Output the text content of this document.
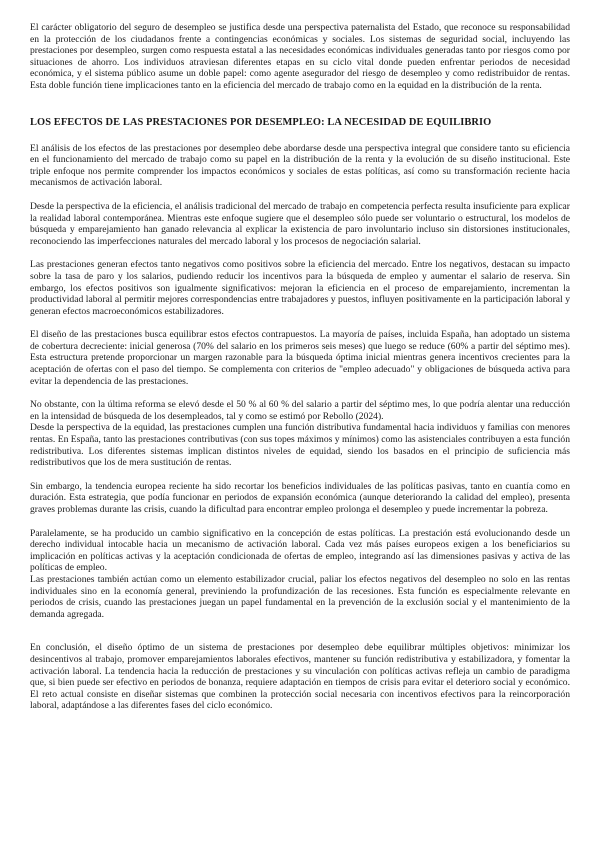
El carácter obligatorio del seguro de desempleo se justifica desde una perspectiva paternalista del Estado, que reconoce su responsabilidad en la protección de los ciudadanos frente a contingencias económicas y sociales. Los sistemas de seguridad social, incluyendo las prestaciones por desempleo, surgen como respuesta estatal a las necesidades económicas individuales generadas tanto por riesgos como por situaciones de ahorro. Los individuos atraviesan diferentes etapas en su ciclo vital donde pueden enfrentar periodos de necesidad económica, y el sistema público asume un doble papel: como agente asegurador del riesgo de desempleo y como redistribuidor de rentas. Esta doble función tiene implicaciones tanto en la eficiencia del mercado de trabajo como en la equidad en la distribución de la renta.

LOS EFECTOS DE LAS PRESTACIONES POR DESEMPLEO: LA NECESIDAD DE EQUILIBRIO

El análisis de los efectos de las prestaciones por desempleo debe abordarse desde una perspectiva integral que considere tanto su eficiencia en el funcionamiento del mercado de trabajo como su papel en la distribución de la renta y la evolución de su diseño institucional. Este triple enfoque nos permite comprender los impactos económicos y sociales de estas políticas, así como su transformación reciente hacia mecanismos de activación laboral.

Desde la perspectiva de la eficiencia, el análisis tradicional del mercado de trabajo en competencia perfecta resulta insuficiente para explicar la realidad laboral contemporánea. Mientras este enfoque sugiere que el desempleo sólo puede ser voluntario o estructural, los modelos de búsqueda y emparejamiento han ganado relevancia al explicar la existencia de paro involuntario incluso sin distorsiones institucionales, reconociendo las imperfecciones naturales del mercado laboral y los procesos de negociación salarial.

Las prestaciones generan efectos tanto negativos como positivos sobre la eficiencia del mercado. Entre los negativos, destacan su impacto sobre la tasa de paro y los salarios, pudiendo reducir los incentivos para la búsqueda de empleo y aumentar el salario de reserva. Sin embargo, los efectos positivos son igualmente significativos: mejoran la eficiencia en el proceso de emparejamiento, incrementan la productividad laboral al permitir mejores correspondencias entre trabajadores y puestos, influyen positivamente en la participación laboral y generan efectos macroeconómicos estabilizadores.

El diseño de las prestaciones busca equilibrar estos efectos contrapuestos. La mayoría de países, incluida España, han adoptado un sistema de cobertura decreciente: inicial generosa (70% del salario en los primeros seis meses) que luego se reduce (60% a partir del séptimo mes). Esta estructura pretende proporcionar un margen razonable para la búsqueda óptima inicial mientras genera incentivos crecientes para la aceptación de ofertas con el paso del tiempo. Se complementa con criterios de "empleo adecuado" y obligaciones de búsqueda activa para evitar la dependencia de las prestaciones.

No obstante, con la última reforma se elevó desde el 50 % al 60 % del salario a partir del séptimo mes, lo que podría alentar una reducción en la intensidad de búsqueda de los desempleados, tal y como se estimó por Rebollo (2024).

Desde la perspectiva de la equidad, las prestaciones cumplen una función distributiva fundamental hacia individuos y familias con menores rentas. En España, tanto las prestaciones contributivas (con sus topes máximos y mínimos) como las asistenciales contribuyen a esta función redistributiva. Los diferentes sistemas implican distintos niveles de equidad, siendo los basados en el principio de suficiencia más redistributivos que los de mera sustitución de rentas.

Sin embargo, la tendencia europea reciente ha sido recortar los beneficios individuales de las políticas pasivas, tanto en cuantía como en duración. Esta estrategia, que podía funcionar en periodos de expansión económica (aunque deteriorando la calidad del empleo), presenta graves problemas durante las crisis, cuando la dificultad para encontrar empleo prolonga el desempleo y puede incrementar la pobreza.

Paralelamente, se ha producido un cambio significativo en la concepción de estas políticas. La prestación está evolucionando desde un derecho individual intocable hacia un mecanismo de activación laboral. Cada vez más países europeos exigen a los beneficiarios su implicación en políticas activas y la aceptación condicionada de ofertas de empleo, integrando así las dimensiones pasivas y activa de las políticas de empleo.

Las prestaciones también actúan como un elemento estabilizador crucial, paliar los efectos negativos del desempleo no solo en las rentas individuales sino en la economía general, previniendo la profundización de las recesiones. Esta función es especialmente relevante en periodos de crisis, cuando las prestaciones juegan un papel fundamental en la prevención de la exclusión social y el mantenimiento de la demanda agregada.

En conclusión, el diseño óptimo de un sistema de prestaciones por desempleo debe equilibrar múltiples objetivos: minimizar los desincentivos al trabajo, promover emparejamientos laborales efectivos, mantener su función redistributiva y estabilizadora, y fomentar la activación laboral. La tendencia hacia la reducción de prestaciones y su vinculación con políticas activas refleja un cambio de paradigma que, si bien puede ser efectivo en periodos de bonanza, requiere adaptación en tiempos de crisis para evitar el deterioro social y económico. El reto actual consiste en diseñar sistemas que combinen la protección social necesaria con incentivos efectivos para la reincorporación laboral, adaptándose a las diferentes fases del ciclo económico.
